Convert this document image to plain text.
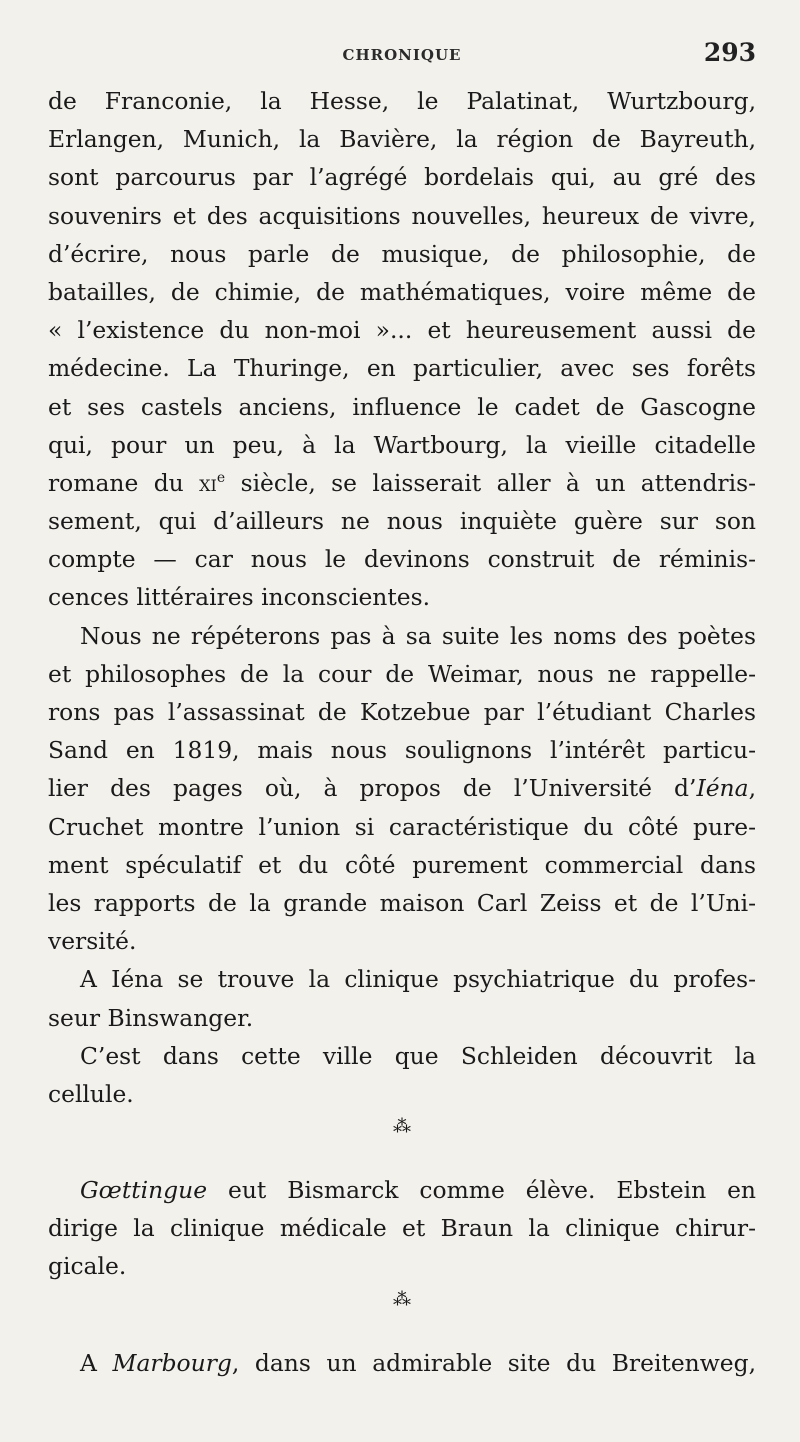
CHRONIQUE	293
de Franconie, la Hesse, le Palatinat, Wurtzbourg,
Erlangen, Munich, la Bavière, la région de Bayreuth,
sont parcourus par l’agrégé bordelais qui, au gré des
souvenirs et des acquisitions nouvelles, heureux de vivre,
d’écrire, nous parle de musique, de philosophie, de
batailles, de chimie, de mathématiques, voire même de
« l’existence du non-moi »... et heureusement aussi de
médecine. La Thuringe, en particulier, avec ses forêts
et ses castels anciens, influence le cadet de Gascogne
qui, pour un peu, à la Wartbourg, la vieille citadelle
romane du $xi^e$ siècle, se laisserait aller à un attendris-
sement, qui d’ailleurs ne nous inquiète guère sur son
compte — car nous le devinons construit de réminis-
cences littéraires inconscientes.
Nous ne répéterons pas à sa suite les noms des poètes
et philosophes de la cour de Weimar, nous ne rappelle-
rons pas l’assassinat de Kotzebue par l’étudiant Charles
Sand en 1819, mais nous soulignons l’intérêt particu-
lier des pages où, à propos de l’Université d’Iéna,
Cruchet montre l’union si caractéristique du côté pure-
ment spéculatif et du côté purement commercial dans
les rapports de la grande maison Carl Zeiss et de l’Uni-
versité.
A Iéna se trouve la clinique psychiatrique du profes-
seur Binswanger.
C’est dans cette ville que Schleiden découvrit la
cellule.
⁂
Gœttingue eut Bismarck comme élève. Ebstein en
dirige la clinique médicale et Braun la clinique chirur-
gicale.
⁂
A Marbourg, dans un admirable site du Breitenweg,
